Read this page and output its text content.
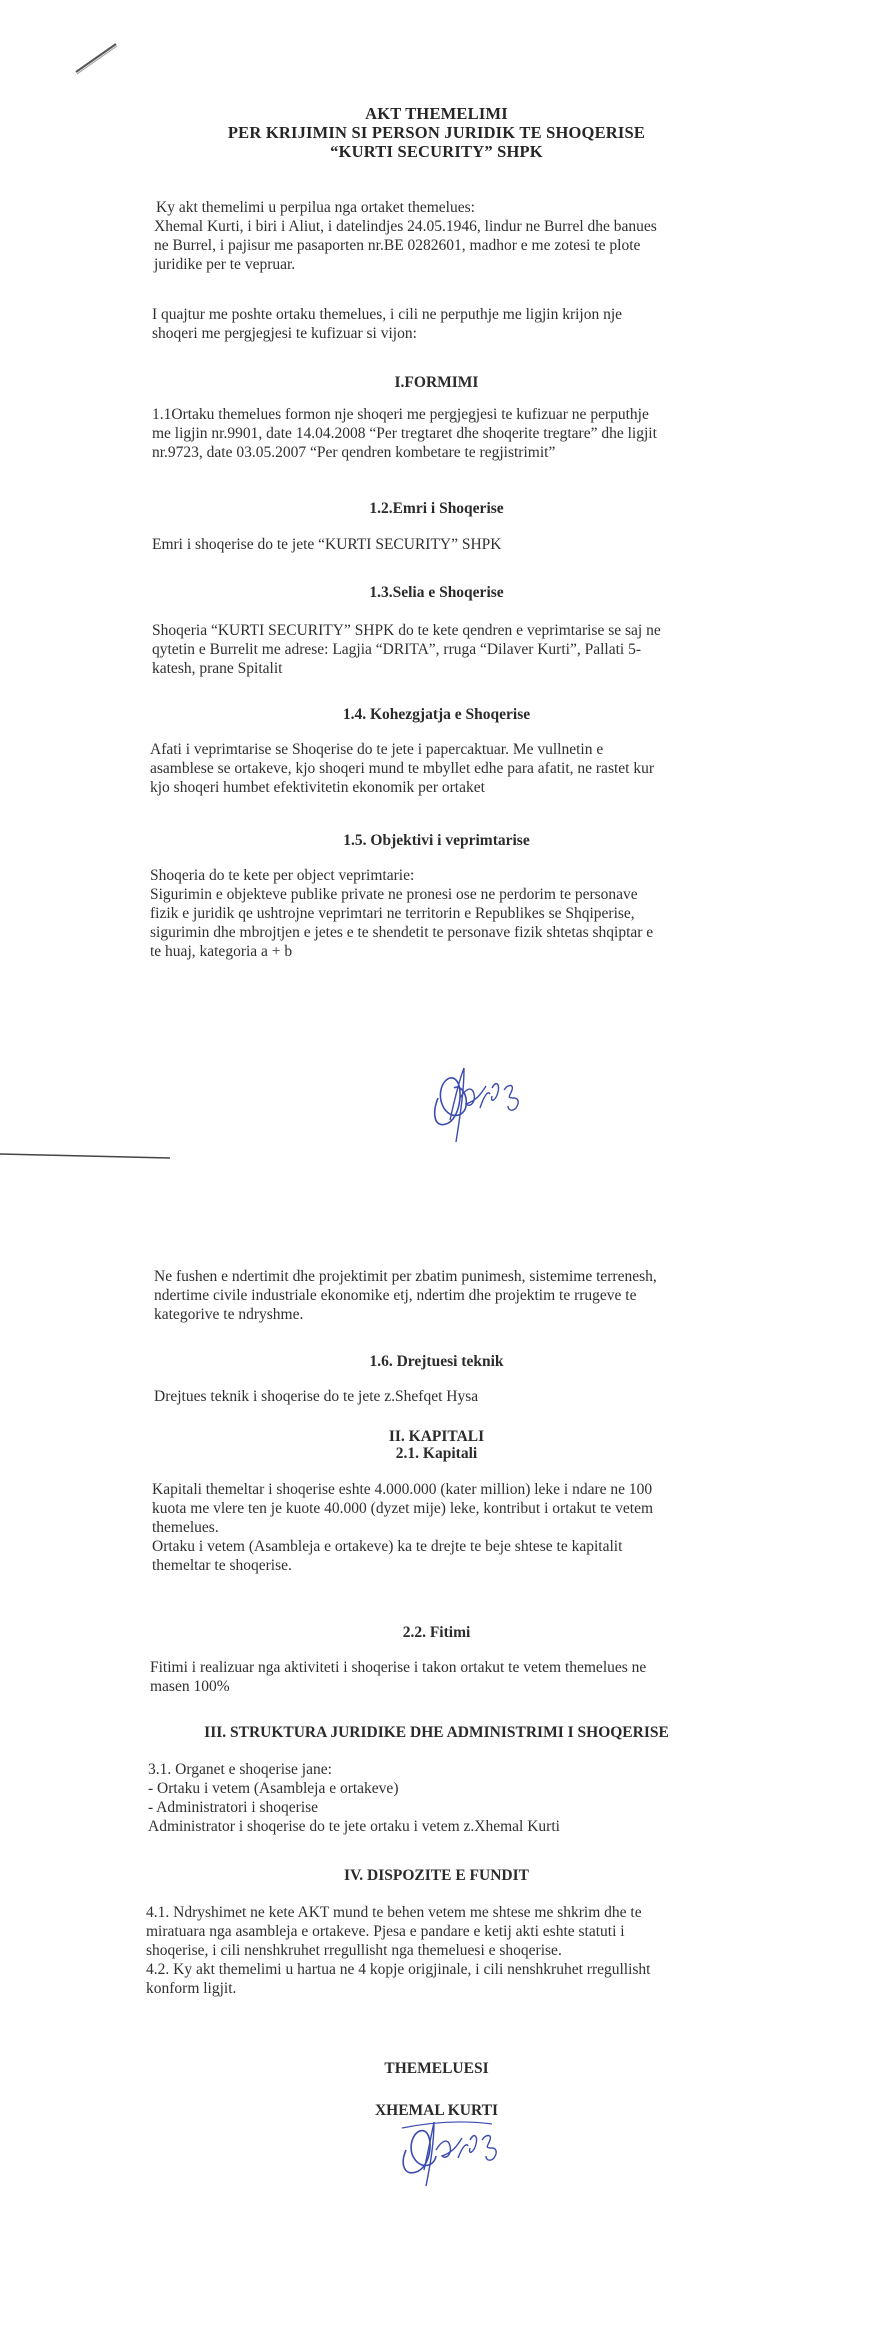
AKT THEMELIMI
PER KRIJIMIN SI PERSON JURIDIK TE SHOQERISE
“KURTI SECURITY” SHPK
Ky akt themelimi u perpilua nga ortaket themelues:
Xhemal Kurti, i biri i Aliut, i datelindjes 24.05.1946, lindur ne Burrel dhe banues
ne Burrel, i pajisur me pasaporten nr.BE 0282601, madhor e me zotesi te plote
juridike per te vepruar.
I quajtur me poshte ortaku themelues, i cili ne perputhje me ligjin krijon nje
shoqeri me pergjegjesi te kufizuar si vijon:
I.FORMIMI
1.1Ortaku themelues formon nje shoqeri me pergjegjesi te kufizuar ne perputhje
me ligjin nr.9901, date 14.04.2008 “Per tregtaret dhe shoqerite tregtare” dhe ligjit
nr.9723, date 03.05.2007 “Per qendren kombetare te regjistrimit”
1.2.Emri i Shoqerise
Emri i shoqerise do te jete “KURTI SECURITY” SHPK
1.3.Selia e Shoqerise
Shoqeria “KURTI SECURITY” SHPK do te kete qendren e veprimtarise se saj ne
qytetin e Burrelit me adrese: Lagjia “DRITA”, rruga “Dilaver Kurti”, Pallati 5-
katesh, prane Spitalit
1.4. Kohezgjatja e Shoqerise
Afati i veprimtarise se Shoqerise do te jete i papercaktuar. Me vullnetin e
asamblese se ortakeve, kjo shoqeri mund te mbyllet edhe para afatit, ne rastet kur
kjo shoqeri humbet efektivitetin ekonomik per ortaket
1.5. Objektivi i veprimtarise
Shoqeria do te kete per object veprimtarie:
Sigurimin e objekteve publike private ne pronesi ose ne perdorim te personave
fizik e juridik qe ushtrojne veprimtari ne territorin e Republikes se Shqiperise,
sigurimin dhe mbrojtjen e jetes e te shendetit te personave fizik shtetas shqiptar e
te huaj, kategoria a + b
Ne fushen e ndertimit dhe projektimit per zbatim punimesh, sistemime terrenesh,
ndertime civile industriale ekonomike etj, ndertim dhe projektim te rrugeve te
kategorive te ndryshme.
1.6. Drejtuesi teknik
Drejtues teknik i shoqerise do te jete z.Shefqet Hysa
II. KAPITALI
2.1. Kapitali
Kapitali themeltar i shoqerise eshte 4.000.000 (kater million) leke i ndare ne 100
kuota me vlere ten je kuote 40.000 (dyzet mije) leke, kontribut i ortakut te vetem
themelues.
Ortaku i vetem (Asambleja e ortakeve) ka te drejte te beje shtese te kapitalit
themeltar te shoqerise.
2.2. Fitimi
Fitimi i realizuar nga aktiviteti i shoqerise i takon ortakut te vetem themelues ne
masen 100%
III. STRUKTURA JURIDIKE DHE ADMINISTRIMI I SHOQERISE
3.1. Organet e shoqerise jane:
- Ortaku i vetem (Asambleja e ortakeve)
- Administratori i shoqerise
Administrator i shoqerise do te jete ortaku i vetem z.Xhemal Kurti
IV. DISPOZITE E FUNDIT
4.1. Ndryshimet ne kete AKT mund te behen vetem me shtese me shkrim dhe te
miratuara nga asambleja e ortakeve. Pjesa e pandare e ketij akti eshte statuti i
shoqerise, i cili nenshkruhet rregullisht nga themeluesi e shoqerise.
4.2. Ky akt themelimi u hartua ne 4 kopje origjinale, i cili nenshkruhet rregullisht
konform ligjit.
THEMELUESI
XHEMAL KURTI
